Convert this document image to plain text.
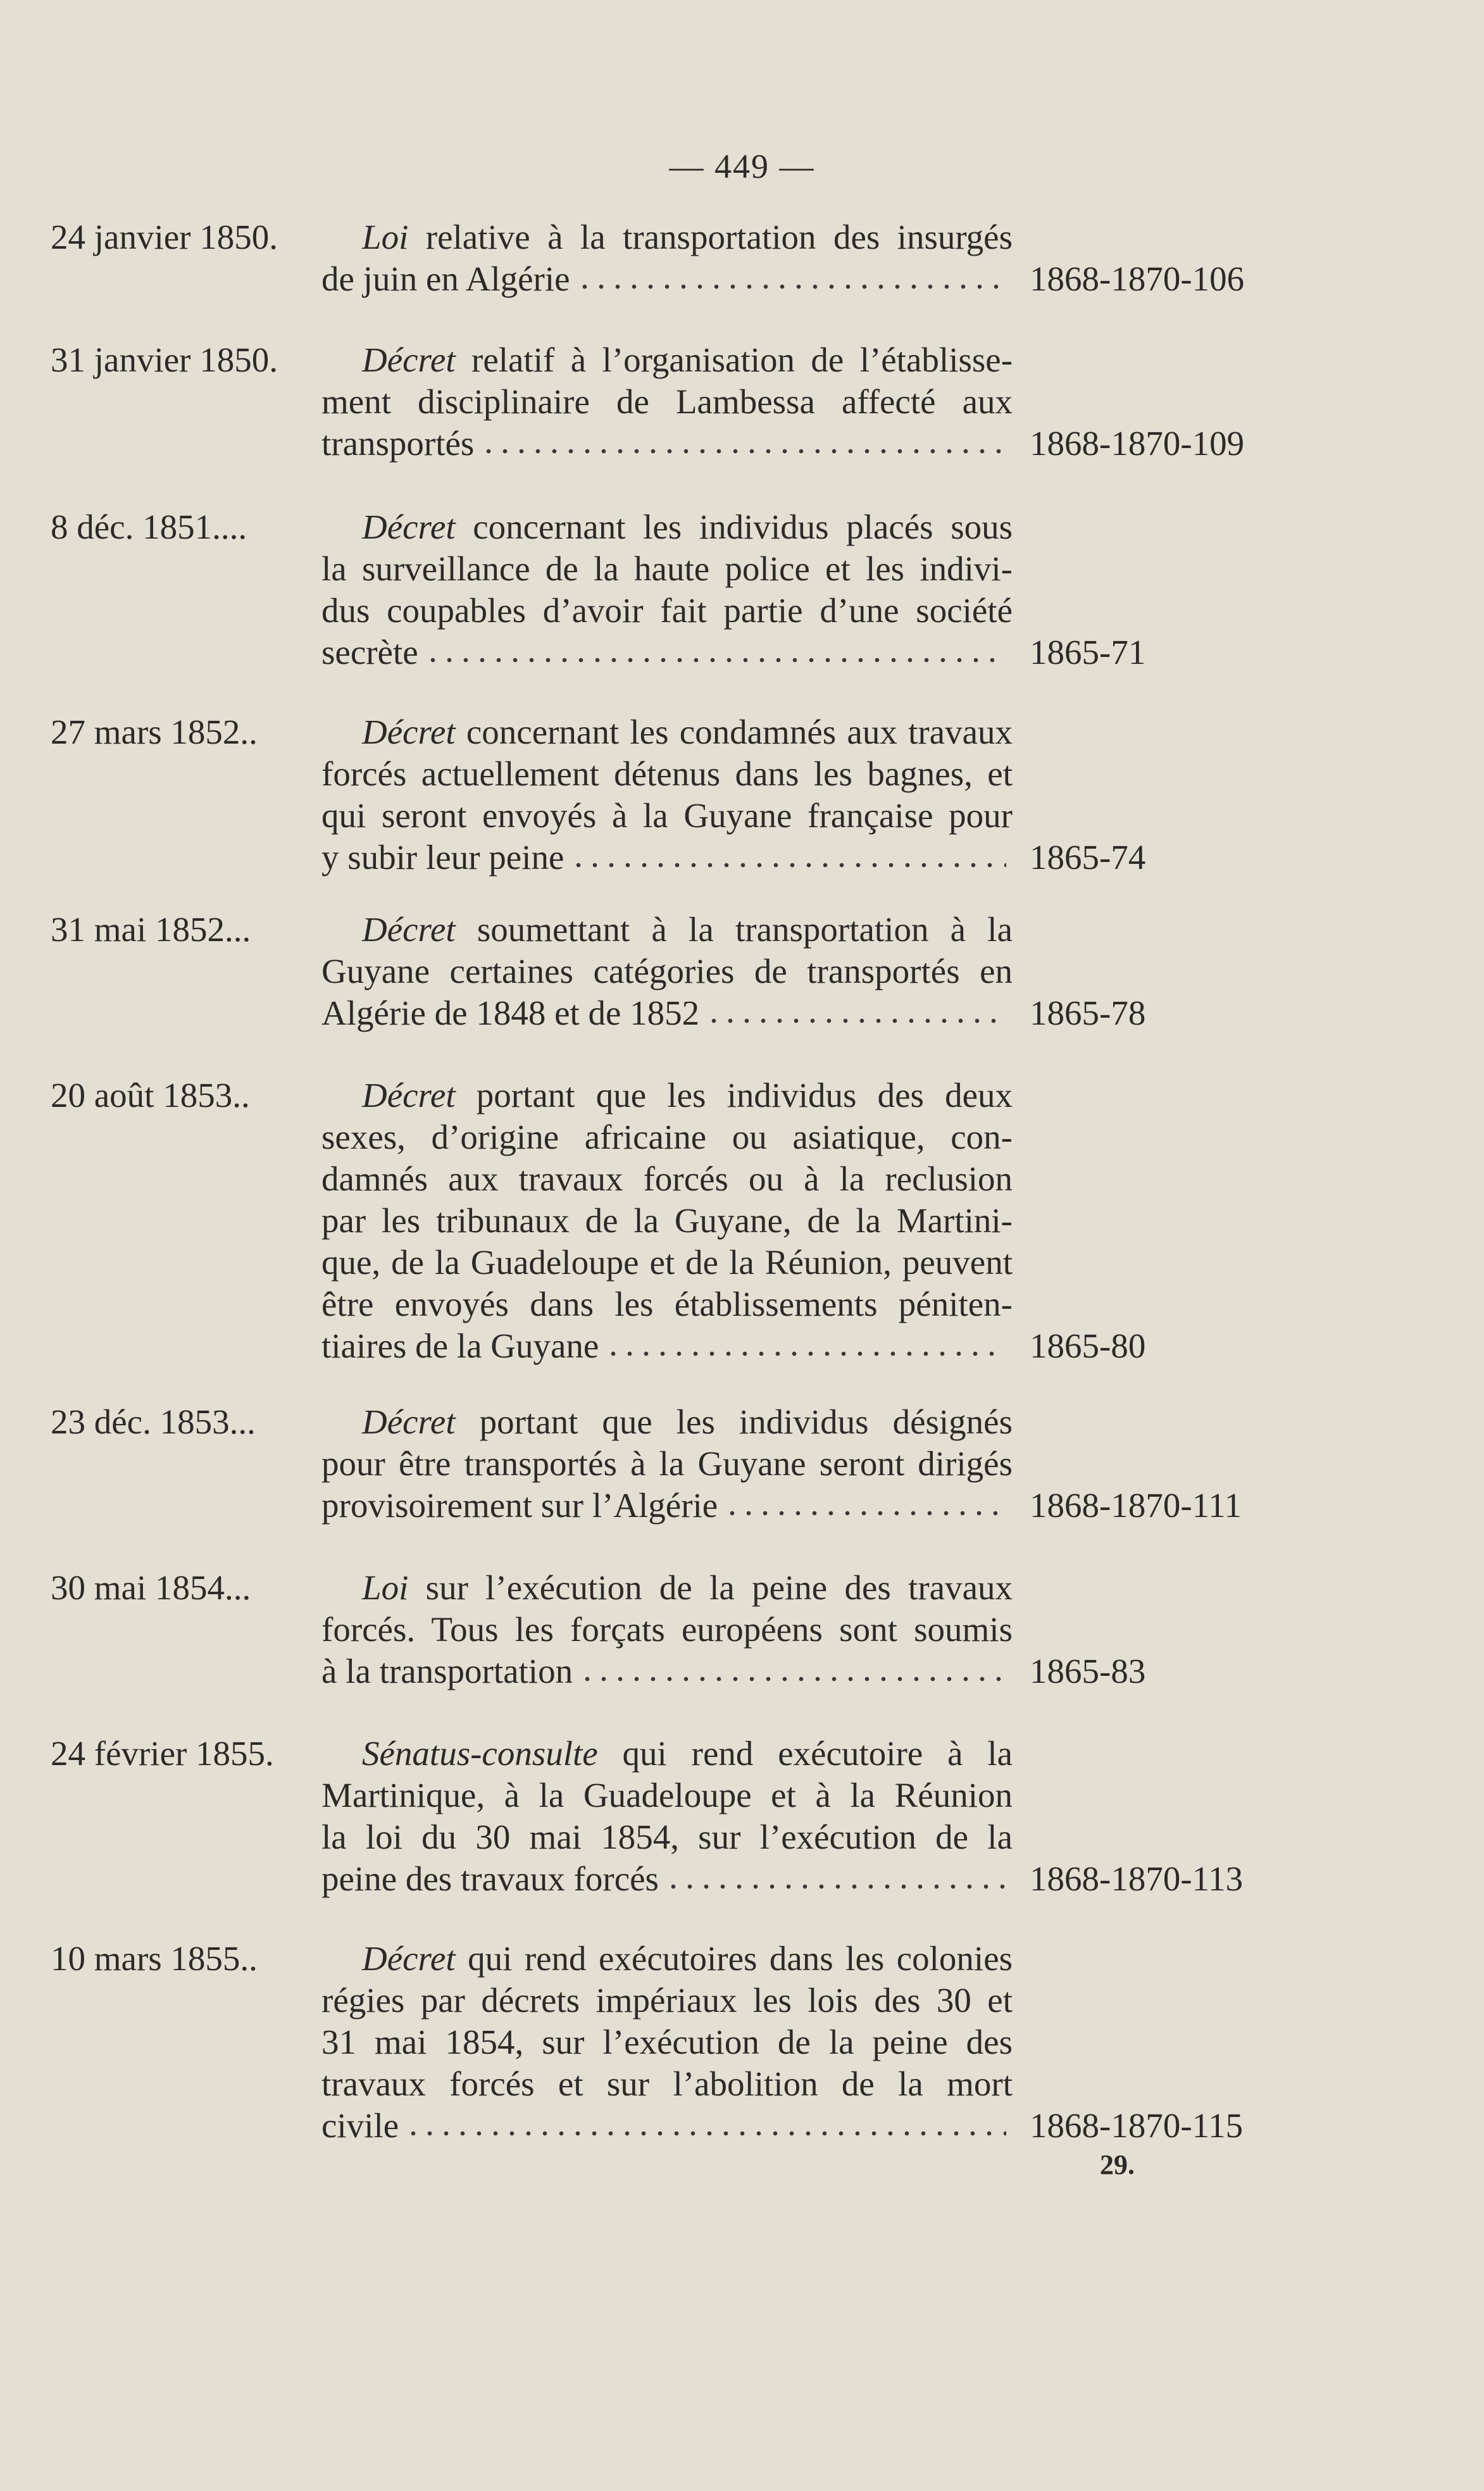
— 449 —
24 janvier 1850.	Loi relative à la transportation des insurgés
de juin en Algérie	1868-1870-106
31 janvier 1850.	Décret relatif à l’organisation de l’établisse-
ment disciplinaire de Lambessa affecté aux
transportés	1868-1870-109
8 déc. 1851....	Décret concernant les individus placés sous
la surveillance de la haute police et les indivi-
dus coupables d’avoir fait partie d’une société
secrète	1865-71
27 mars 1852..	Décret concernant les condamnés aux travaux
forcés actuellement détenus dans les bagnes, et
qui seront envoyés à la Guyane française pour
y subir leur peine	1865-74
31 mai 1852...	Décret soumettant à la transportation à la
Guyane certaines catégories de transportés en
Algérie de 1848 et de 1852	1865-78
20 août 1853..	Décret portant que les individus des deux
sexes, d’origine africaine ou asiatique, con-
damnés aux travaux forcés ou à la reclusion
par les tribunaux de la Guyane, de la Martini-
que, de la Guadeloupe et de la Réunion, peuvent
être envoyés dans les établissements péniten-
tiaires de la Guyane	1865-80
23 déc. 1853...	Décret portant que les individus désignés
pour être transportés à la Guyane seront dirigés
provisoirement sur l’Algérie	1868-1870-111
30 mai 1854...	Loi sur l’exécution de la peine des travaux
forcés. Tous les forçats européens sont soumis
à la transportation	1865-83
24 février 1855.	Sénatus-consulte qui rend exécutoire à la
Martinique, à la Guadeloupe et à la Réunion
la loi du 30 mai 1854, sur l’exécution de la
peine des travaux forcés	1868-1870-113
10 mars 1855..	Décret qui rend exécutoires dans les colonies
régies par décrets impériaux les lois des 30 et
31 mai 1854, sur l’exécution de la peine des
travaux forcés et sur l’abolition de la mort
civile	1868-1870-115
29.
